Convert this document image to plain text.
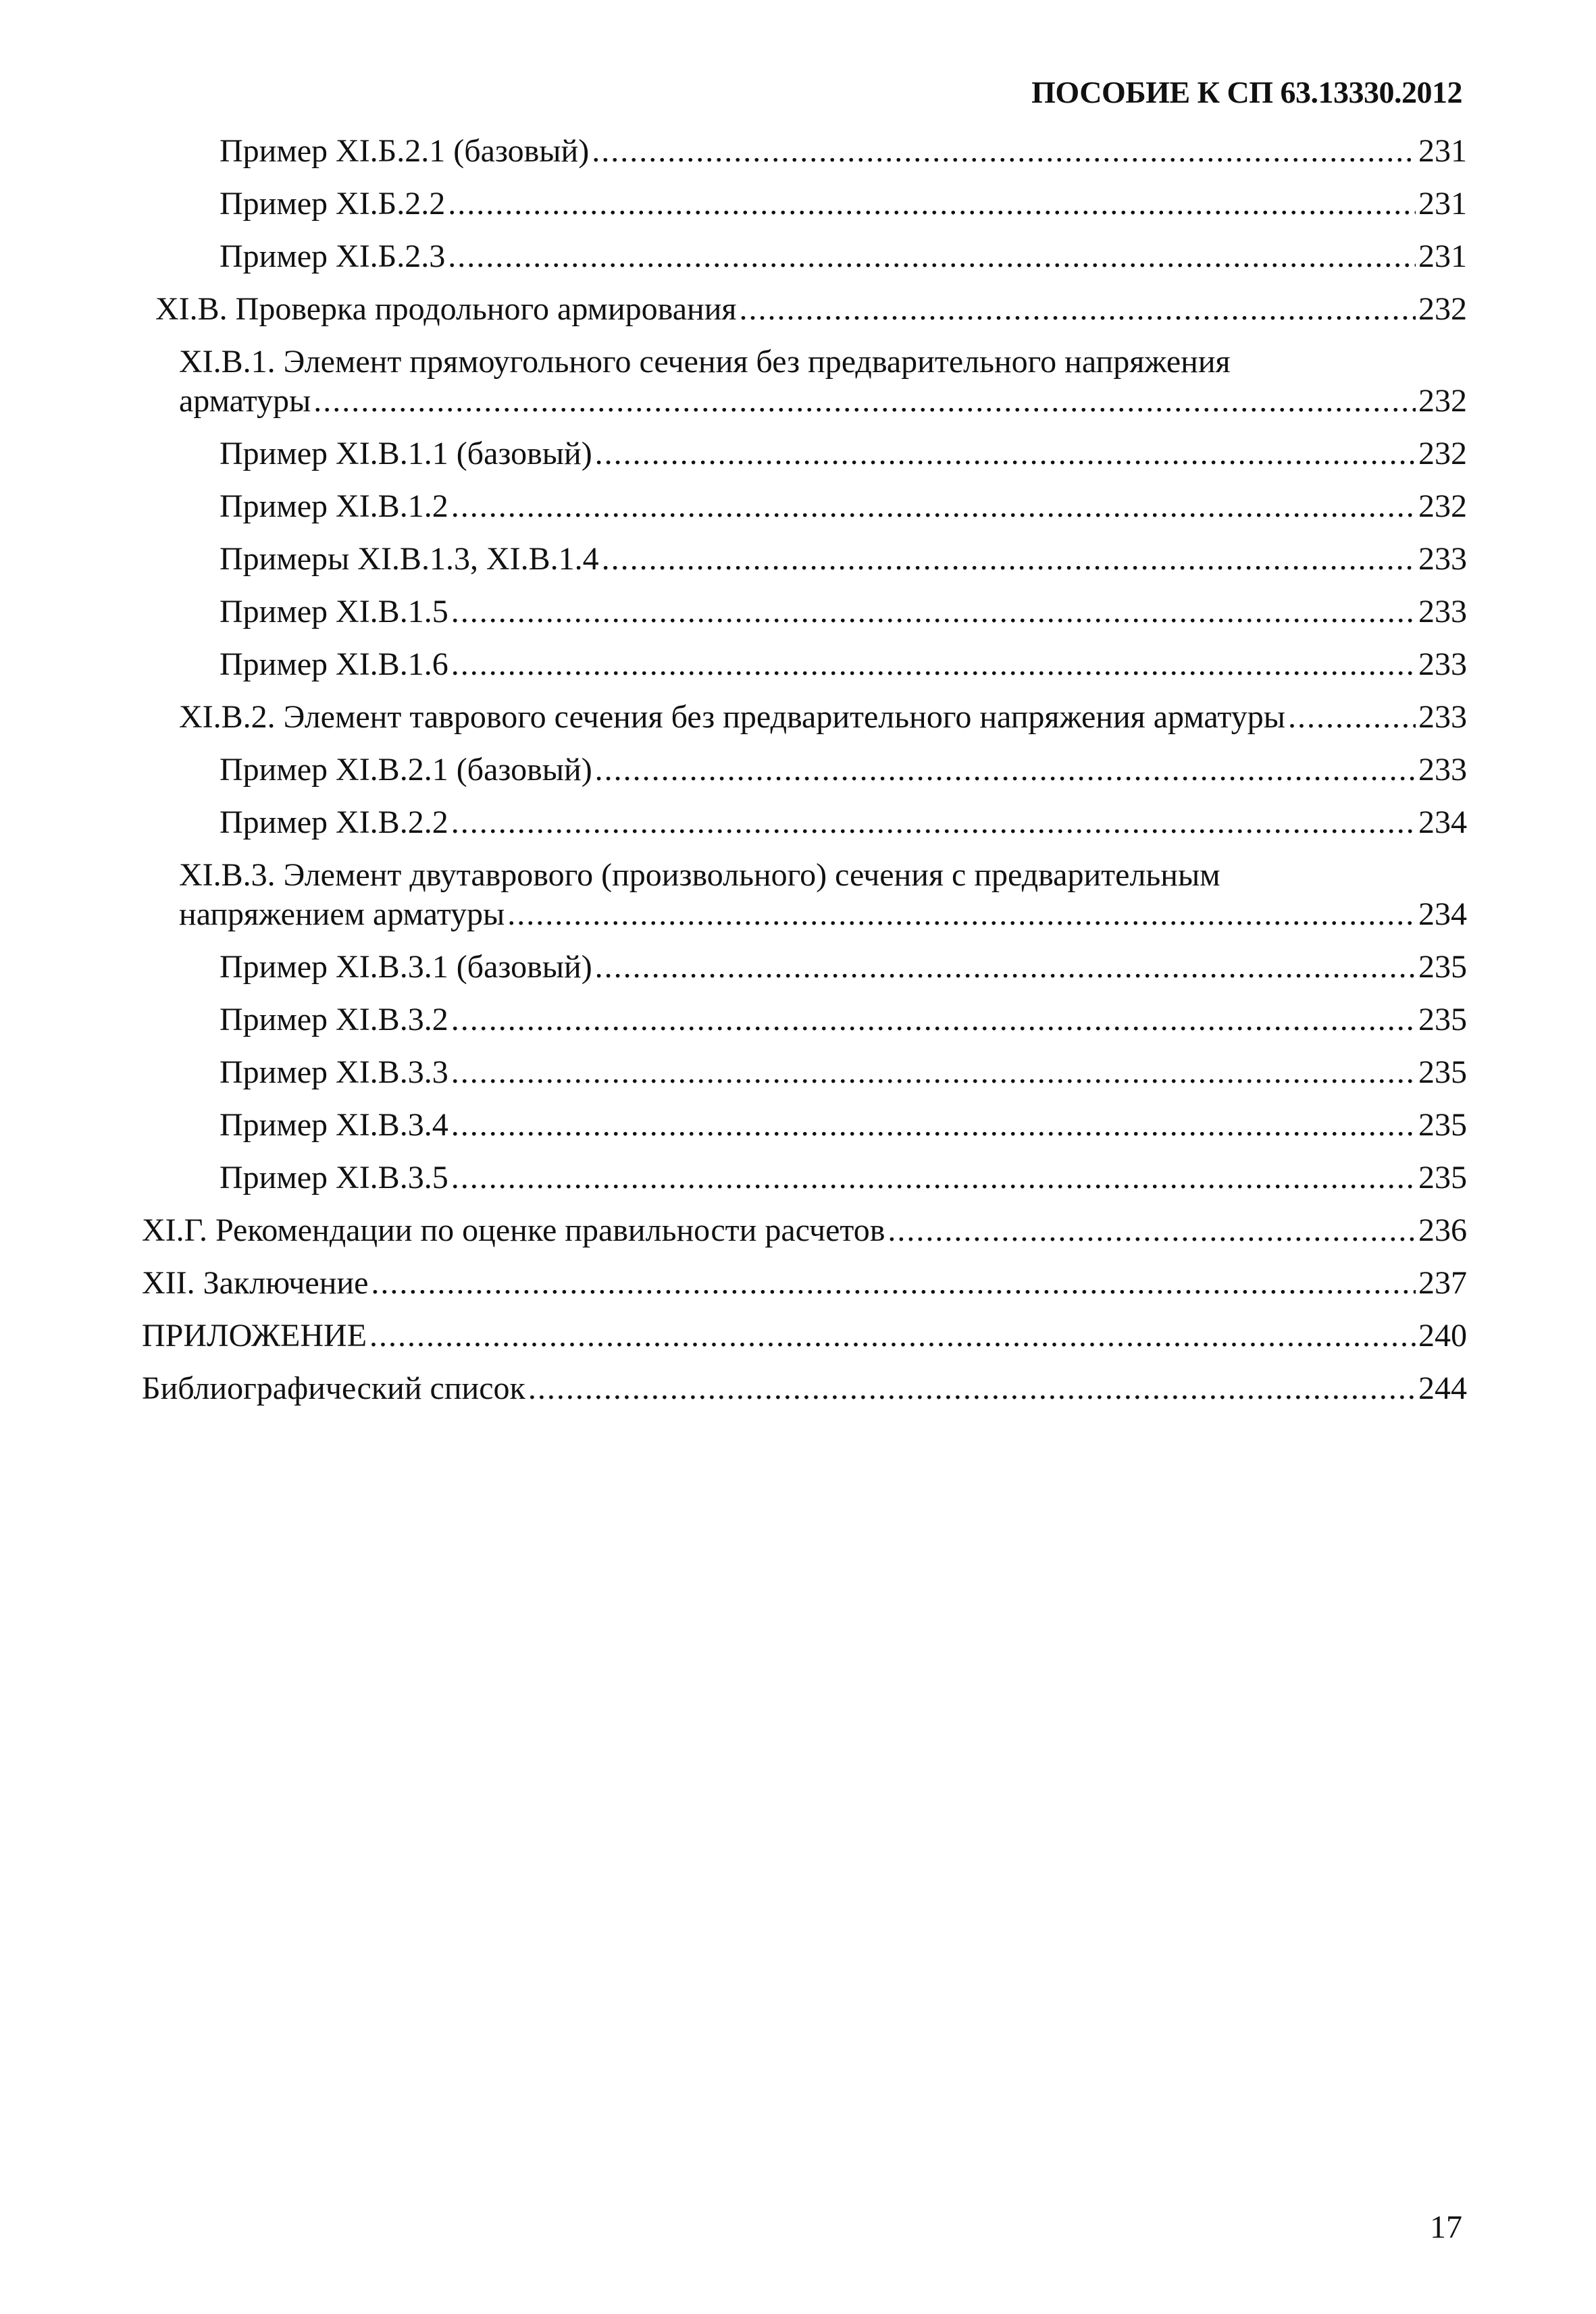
ПОСОБИЕ К СП 63.13330.2012
Пример XI.Б.2.1 (базовый) .....	231
Пример XI.Б.2.2 .....	231
Пример XI.Б.2.3 .....	231
XI.В. Проверка продольного армирования .....	232
XI.В.1. Элемент прямоугольного сечения без предварительного напряжения
арматуры .....	232
Пример XI.В.1.1 (базовый) .....	232
Пример XI.В.1.2 .....	232
Примеры XI.В.1.3, XI.В.1.4 .....	233
Пример XI.В.1.5 .....	233
Пример XI.В.1.6 .....	233
XI.В.2. Элемент таврового сечения без предварительного напряжения арматуры .....	233
Пример XI.В.2.1 (базовый) .....	233
Пример XI.В.2.2 .....	234
XI.В.3. Элемент двутаврового (произвольного) сечения с предварительным
напряжением арматуры .....	234
Пример XI.В.3.1 (базовый) .....	235
Пример XI.В.3.2 .....	235
Пример XI.В.3.3 .....	235
Пример XI.В.3.4 .....	235
Пример XI.В.3.5 .....	235
XI.Г. Рекомендации по оценке правильности расчетов .....	236
XII. Заключение .....	237
ПРИЛОЖЕНИЕ .....	240
Библиографический список .....	244
17
